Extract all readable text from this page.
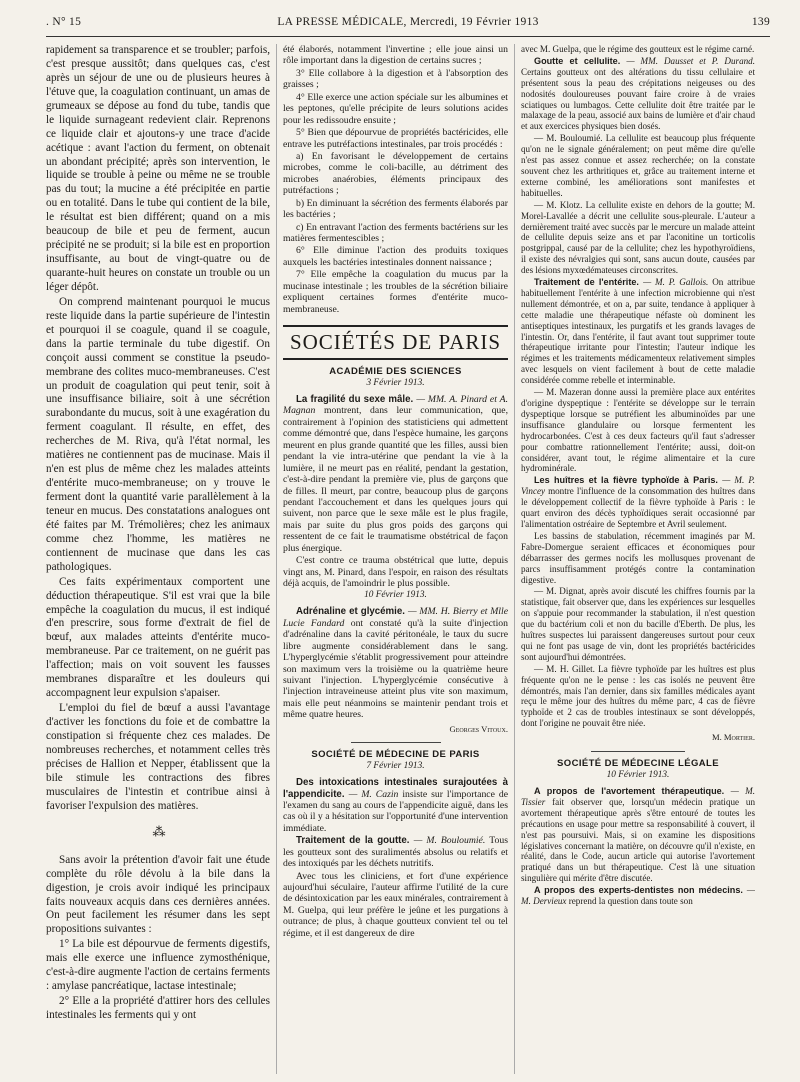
. N° 15	LA PRESSE MÉDICALE, Mercredi, 19 Février 1913	139

rapidement sa transparence et se troubler; parfois, c'est presque aussitôt; dans quelques cas, c'est après un séjour de une ou de plusieurs heures à l'étuve que, la coagulation continuant, un amas de grumeaux se dépose au fond du tube, tandis que le liquide surnageant redevient clair. Reprenons ce liquide clair et ajoutons-y une trace d'acide acétique : avant l'action du ferment, on obtenait un abondant précipité; après son intervention, le liquide se trouble à peine ou même ne se trouble pas du tout; la mucine a été précipitée en partie ou en totalité. Dans le tube qui contient de la bile, le résultat est bien différent; quand on a mis beaucoup de bile et peu de ferment, aucun précipité ne se produit; si la bile est en proportion insuffisante, au bout de vingt-quatre ou de quarante-huit heures on constate un trouble ou un léger dépôt.

On comprend maintenant pourquoi le mucus reste liquide dans la partie supérieure de l'intestin et pourquoi il se coagule, quand il se coagule, dans la partie terminale du tube digestif. On conçoit aussi comment se constitue la pseudo-membrane des colites muco-membraneuses. C'est un produit de coagulation qui peut tenir, soit à une insuffisance biliaire, soit à une sécrétion surabondante du mucus, soit à une exagération du ferment coagulant. Il résulte, en effet, des recherches de M. Riva, qu'à l'état normal, les matières ne contiennent pas de mucinase. Mais il n'en est plus de même chez les malades atteints d'entérite muco-membraneuse; on y trouve le ferment dont la quantité varie parallèlement à la teneur en mucus. Des constatations analogues ont été faites par M. Trémolières; chez les animaux comme chez l'homme, les matières ne contiennent de mucinase que dans les cas pathologiques.

Ces faits expérimentaux comportent une déduction thérapeutique. S'il est vrai que la bile empêche la coagulation du mucus, il est indiqué d'en prescrire, sous forme d'extrait de fiel de bœuf, aux malades atteints d'entérite muco-membraneuse. Par ce traitement, on ne guérit pas l'affection; mais on voit souvent les fausses membranes disparaître et les douleurs qui accompagnent leur expulsion s'apaiser.

L'emploi du fiel de bœuf a aussi l'avantage d'activer les fonctions du foie et de combattre la constipation si fréquente chez ces malades. De nombreuses recherches, et notamment celles très précises de Hallion et Nepper, établissent que la bile stimule les contractions des fibres musculaires de l'intestin et contribue ainsi à favoriser l'expulsion des matières.

⁂

Sans avoir la prétention d'avoir fait une étude complète du rôle dévolu à la bile dans la digestion, je crois avoir indiqué les principaux faits nouveaux acquis dans ces dernières années. On peut facilement les résumer dans les sept propositions suivantes :

1° La bile est dépourvue de ferments digestifs, mais elle exerce une influence zymosthénique, c'est-à-dire augmente l'action de certains ferments : amylase pancréatique, lactase intestinale;

2° Elle a la propriété d'attirer hors des cellules intestinales les ferments qui y ont

été élaborés, notamment l'invertine ; elle joue ainsi un rôle important dans la digestion de certains sucres ;

3° Elle collabore à la digestion et à l'absorption des graisses ;

4° Elle exerce une action spéciale sur les albumines et les peptones, qu'elle précipite de leurs solutions acides pour les redissoudre ensuite ;

5° Bien que dépourvue de propriétés bactéricides, elle entrave les putréfactions intestinales, par trois procédés :

a) En favorisant le développement de certains microbes, comme le coli-bacille, au détriment des microbes anaérobies, éléments principaux des putréfactions ;

b) En diminuant la sécrétion des ferments élaborés par les bactéries ;

c) En entravant l'action des ferments bactériens sur les matières fermentescibles ;

6° Elle diminue l'action des produits toxiques auxquels les bactéries intestinales donnent naissance ;

7° Elle empêche la coagulation du mucus par la mucinase intestinale ; les troubles de la sécrétion biliaire expliquent certaines formes d'entérite muco-membraneuse.

SOCIÉTÉS DE PARIS
ACADÉMIE DES SCIENCES
3 Février 1913.

La fragilité du sexe mâle. — MM. A. Pinard et A. Magnan montrent, dans leur communication, que, contrairement à l'opinion des statisticiens qui admettent comme démontré que, dans l'espèce humaine, les garçons meurent en plus grande quantité que les filles, aussi bien pendant la vie intra-utérine que pendant la vie à la lumière, il ne meurt pas en réalité, pendant la gestation, c'est-à-dire pendant la première vie, plus de garçons que de filles. Il meurt, par contre, beaucoup plus de garçons pendant l'accouchement et dans les quelques jours qui suivent, non parce que le sexe mâle est le plus fragile, mais par suite du plus gros poids des garçons qui ressentent de ce fait le traumatisme obstétrical de façon plus énergique.

C'est contre ce trauma obstétrical que lutte, depuis vingt ans, M. Pinard, dans l'espoir, en raison des résultats déjà acquis, de l'amoindrir le plus possible.

10 Février 1913.

Adrénaline et glycémie. — MM. H. Bierry et Mlle Lucie Fandard ont constaté qu'à la suite d'injection d'adrénaline dans la cavité péritonéale, le taux du sucre libre augmente considérablement dans le sang. L'hyperglycémie s'établit progressivement pour atteindre son maximum vers la troisième ou la quatrième heure suivant l'injection. L'hyperglycémie consécutive à l'injection intraveineuse atteint plus vite son maximum, mais elle peut néanmoins se maintenir pendant trois et même quatre heures.

Georges Vitoux.
SOCIÉTÉ DE MÉDECINE DE PARIS
7 Février 1913.

Des intoxications intestinales surajoutées à l'appendicite. — M. Cazin insiste sur l'importance de l'examen du sang au cours de l'appendicite aiguë, dans les cas où il y a hésitation sur l'opportunité d'une intervention immédiate.

Traitement de la goutte. — M. Bouloumié. Tous les goutteux sont des suralimentés absolus ou relatifs et des intoxiqués par les déchets nutritifs.

Avec tous les cliniciens, et fort d'une expérience aujourd'hui séculaire, l'auteur affirme l'utilité de la cure de désintoxication par les eaux minérales, contrairement à M. Guelpa, qui leur préfère le jeûne et les purgations à outrance; de plus, à chaque goutteux convient tel ou tel régime, et il est dangereux de dire

avec M. Guelpa, que le régime des goutteux est le régime carné.

Goutte et cellulite. — MM. Dausset et P. Durand. Certains goutteux ont des altérations du tissu cellulaire et présentent sous la peau des crépitations neigeuses ou des nodosités douloureuses pouvant faire croire à de vraies sciatiques ou lumbagos. Cette cellulite doit être traitée par le malaxage de la peau, associé aux bains de lumière et d'air chaud et aux exercices physiques bien dosés.

— M. Bouloumié. La cellulite est beaucoup plus fréquente qu'on ne le signale généralement; on peut même dire qu'elle n'est pas assez connue et assez recherchée; on la constate souvent chez les arthritiques et, grâce au traitement interne et externe combiné, les améliorations sont manifestes et habituelles.

— M. Klotz. La cellulite existe en dehors de la goutte; M. Morel-Lavallée a décrit une cellulite sous-pleurale. L'auteur a dernièrement traité avec succès par le mercure un malade atteint de cellulite depuis seize ans et par l'aconitine un torticolis postgrippal, causé par de la cellulite; chez les hypothyroïdiens, il existe des névralgies qui sont, sans aucun doute, causées par des lésions myxœdémateuses circonscrites.

Traitement de l'entérite. — M. P. Gallois. On attribue habituellement l'entérite à une infection microbienne qui n'est nullement démontrée, et on a, par suite, tendance à appliquer à cette maladie une thérapeutique néfaste où dominent les antiseptiques intestinaux, les purgatifs et les grands lavages de l'intestin. Or, dans l'entérite, il faut avant tout supprimer toute thérapeutique irritante pour l'intestin; l'auteur indique les régimes et les traitements médicamenteux relativement simples avec lesquels on vient facilement à bout de cette maladie considérée comme rebelle et interminable.

— M. Mazeran donne aussi la première place aux entérites d'origine dyspeptique : l'entérite se développe sur le terrain dyspeptique lorsque se putréfient les albuminoïdes par une insuffisance glandulaire ou lorsque fermentent les hydrocarbonées. C'est à ces deux facteurs qu'il faut s'adresser pour combattre rationnellement l'entérite; aussi, doit-on considérer, avant tout, le régime alimentaire et la cure hydrominérale.

Les huîtres et la fièvre typhoïde à Paris. — M. P. Vincey montre l'influence de la consommation des huîtres dans le développement collectif de la fièvre typhoïde à Paris : le quart environ des décès typhoïdiques serait occasionné par l'alimentation ostréaire de Septembre et Avril seulement.

Les bassins de stabulation, récemment imaginés par M. Fabre-Domergue seraient efficaces et économiques pour débarrasser des germes nocifs les mollusques provenant de parcs insuffisamment protégés contre la contamination digestive.

— M. Dignat, après avoir discuté les chiffres fournis par la statistique, fait observer que, dans les expériences sur lesquelles on s'appuie pour recommander la stabulation, il n'est question que du bactérium coli et non du bacille d'Eberth. De plus, les huîtres suspectes lui paraissent dangereuses surtout pour ceux qui ne font pas usage de vin, dont les propriétés bactéricides sont aujourd'hui démontrées.

— M. H. Gillet. La fièvre typhoïde par les huîtres est plus fréquente qu'on ne le pense : les cas isolés ne peuvent être démontrés, mais l'an dernier, dans six familles médicales ayant reçu le même jour des huîtres du même parc, 4 cas de fièvre typhoïde et 2 cas de troubles intestinaux se sont développés, dont l'origine ne pouvait être niée.

M. Mortier.
SOCIÉTÉ DE MÉDECINE LÉGALE
10 Février 1913.

A propos de l'avortement thérapeutique. — M. Tissier fait observer que, lorsqu'un médecin pratique un avortement thérapeutique après s'être entouré de toutes les précautions en usage pour mettre sa responsabilité à couvert, il n'est pas poursuivi. Mais, si on examine les dispositions législatives concernant la matière, on découvre qu'il n'existe, en réalité, dans le Code, aucun article qui autorise l'avortement pratiqué dans un but thérapeutique. C'est là une situation singulière qui mérite d'être discutée.

A propos des experts-dentistes non médecins. — M. Dervieux reprend la question dans toute son
